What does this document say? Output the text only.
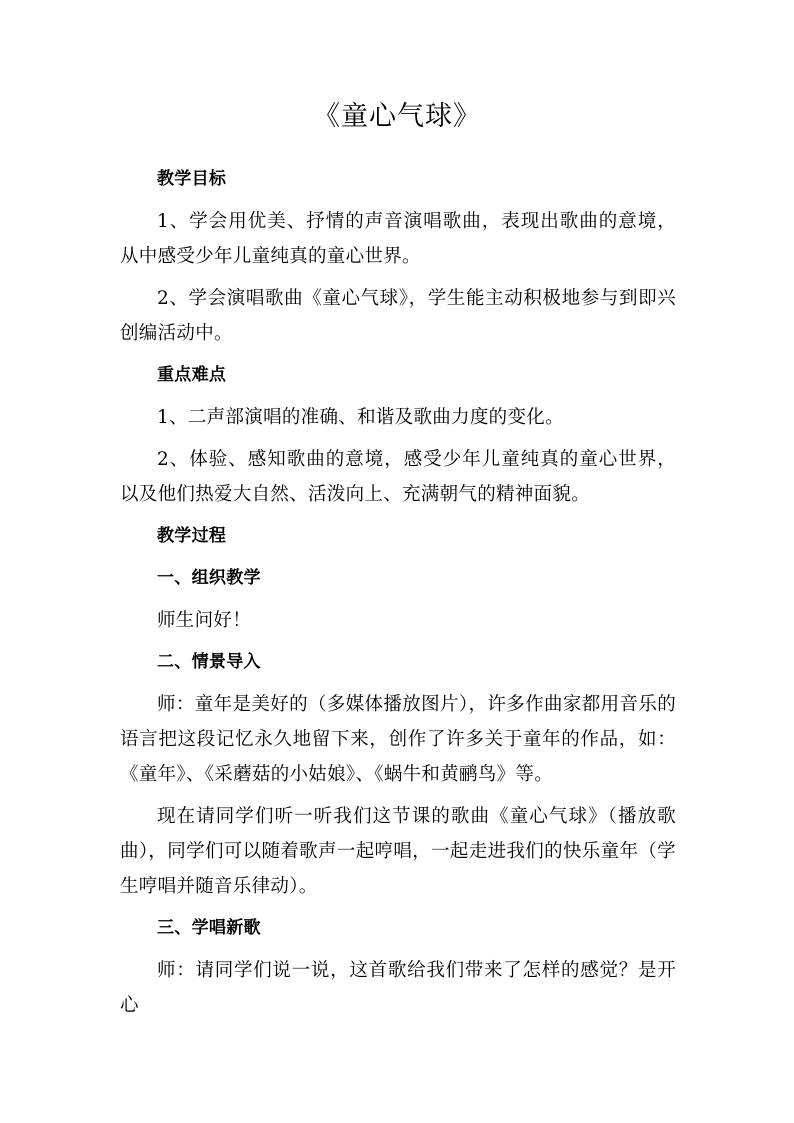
《童心气球》

教学目标

1、学会用优美、抒情的声音演唱歌曲，表现出歌曲的意境，从中感受少年儿童纯真的童心世界。

2、学会演唱歌曲《童心气球》，学生能主动积极地参与到即兴创编活动中。

重点难点

1、二声部演唱的准确、和谐及歌曲力度的变化。

2、体验、感知歌曲的意境，感受少年儿童纯真的童心世界，以及他们热爱大自然、活泼向上、充满朝气的精神面貌。

教学过程

一、组织教学

师生问好！

二、情景导入

师：童年是美好的（多媒体播放图片），许多作曲家都用音乐的语言把这段记忆永久地留下来，创作了许多关于童年的作品，如：《童年》、《采蘑菇的小姑娘》、《蜗牛和黄鹂鸟》等。

现在请同学们听一听我们这节课的歌曲《童心气球》（播放歌曲），同学们可以随着歌声一起哼唱，一起走进我们的快乐童年（学生哼唱并随音乐律动）。

三、学唱新歌

师：请同学们说一说，这首歌给我们带来了怎样的感觉？是开心
